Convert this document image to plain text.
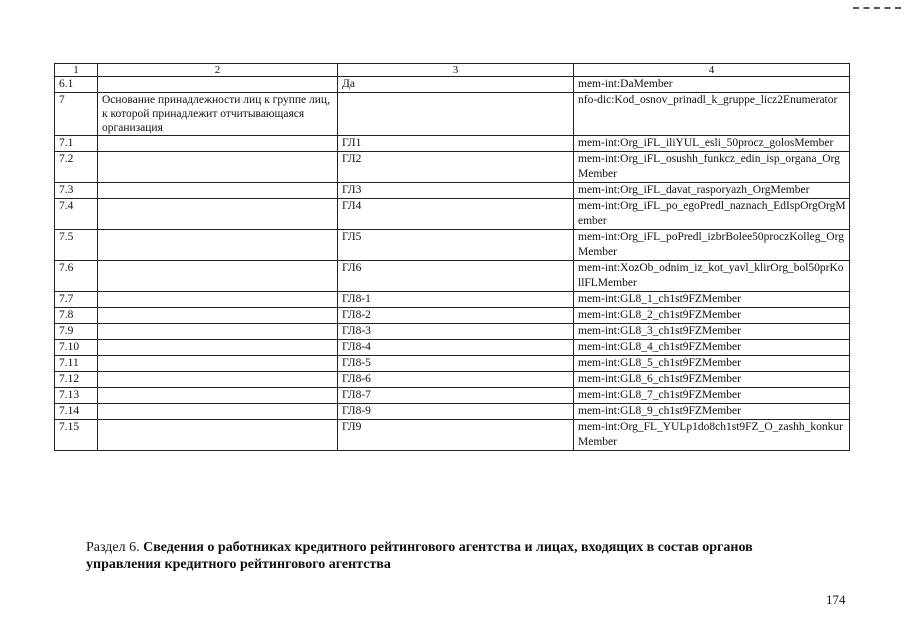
1	2	3	4
6.1		Да	mem-int:DaMember
7	Основание принадлежности лиц к группе лиц, к которой принадлежит отчитывающаяся организация		nfo-dic:Kod_osnov_prinadl_k_gruppe_licz2Enumerator
7.1		ГЛ1	mem-int:Org_iFL_iliYUL_esli_50procz_golosMember
7.2		ГЛ2	mem-int:Org_iFL_osushh_funkcz_edin_isp_organa_OrgMember
7.3		ГЛ3	mem-int:Org_iFL_davat_rasporyazh_OrgMember
7.4		ГЛ4	mem-int:Org_iFL_po_egoPredl_naznach_EdIspOrgOrgMember
7.5		ГЛ5	mem-int:Org_iFL_poPredl_izbrBolee50proczKolleg_OrgMember
7.6		ГЛ6	mem-int:XozOb_odnim_iz_kot_yavl_klirOrg_bol50prKollFLMember
7.7		ГЛ8-1	mem-int:GL8_1_ch1st9FZMember
7.8		ГЛ8-2	mem-int:GL8_2_ch1st9FZMember
7.9		ГЛ8-3	mem-int:GL8_3_ch1st9FZMember
7.10		ГЛ8-4	mem-int:GL8_4_ch1st9FZMember
7.11		ГЛ8-5	mem-int:GL8_5_ch1st9FZMember
7.12		ГЛ8-6	mem-int:GL8_6_ch1st9FZMember
7.13		ГЛ8-7	mem-int:GL8_7_ch1st9FZMember
7.14		ГЛ8-9	mem-int:GL8_9_ch1st9FZMember
7.15		ГЛ9	mem-int:Org_FL_YULp1do8ch1st9FZ_O_zashh_konkurMember
Раздел 6. Сведения о работниках кредитного рейтингового агентства и лицах, входящих в состав органов управления кредитного рейтингового агентства
174
